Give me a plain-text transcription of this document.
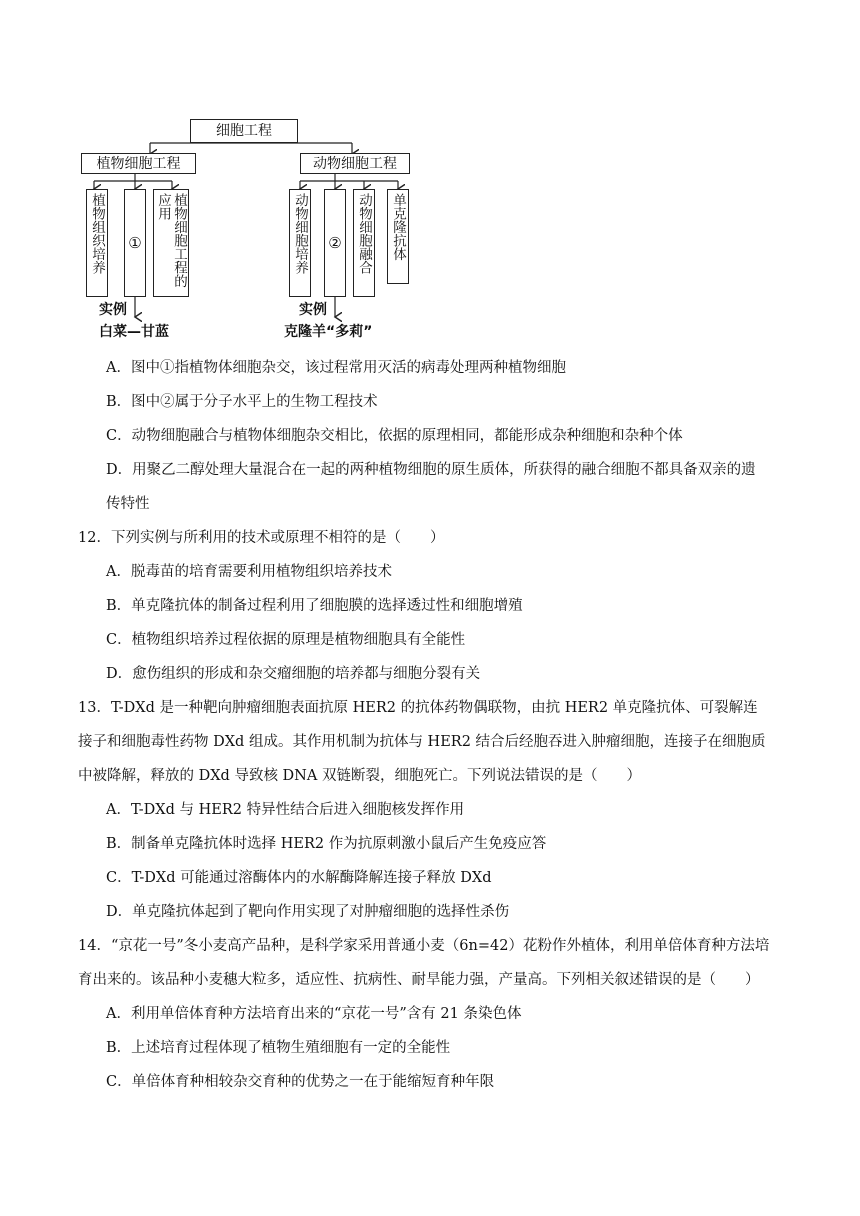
细胞工程
植物细胞工程	动物细胞工程
植物组织培养 ①	植物细胞工程的应用	动物细胞培养 ②	动物细胞融合 单克隆抗体
实例
白菜—甘蓝
实例
克隆羊“多莉”
A．图中①指植物体细胞杂交，该过程常用灭活的病毒处理两种植物细胞
B．图中②属于分子水平上的生物工程技术
C．动物细胞融合与植物体细胞杂交相比，依据的原理相同，都能形成杂种细胞和杂种个体
D．用聚乙二醇处理大量混合在一起的两种植物细胞的原生质体，所获得的融合细胞不都具备双亲的遗
传特性
12．下列实例与所利用的技术或原理不相符的是（　　）
A．脱毒苗的培育需要利用植物组织培养技术
B．单克隆抗体的制备过程利用了细胞膜的选择透过性和细胞增殖
C．植物组织培养过程依据的原理是植物细胞具有全能性
D．愈伤组织的形成和杂交瘤细胞的培养都与细胞分裂有关
13．T-DXd 是一种靶向肿瘤细胞表面抗原 HER2 的抗体药物偶联物，由抗 HER2 单克隆抗体、可裂解连
接子和细胞毒性药物 DXd 组成。其作用机制为抗体与 HER2 结合后经胞吞进入肿瘤细胞，连接子在细胞质
中被降解，释放的 DXd 导致核 DNA 双链断裂，细胞死亡。下列说法错误的是（　　）
A．T-DXd 与 HER2 特异性结合后进入细胞核发挥作用
B．制备单克隆抗体时选择 HER2 作为抗原刺激小鼠后产生免疫应答
C．T-DXd 可能通过溶酶体内的水解酶降解连接子释放 DXd
D．单克隆抗体起到了靶向作用实现了对肿瘤细胞的选择性杀伤
14．“京花一号”冬小麦高产品种，是科学家采用普通小麦（6n=42）花粉作外植体，利用单倍体育种方法培
育出来的。该品种小麦穗大粒多，适应性、抗病性、耐旱能力强，产量高。下列相关叙述错误的是（　　）
A．利用单倍体育种方法培育出来的“京花一号”含有 21 条染色体
B．上述培育过程体现了植物生殖细胞有一定的全能性
C．单倍体育种相较杂交育种的优势之一在于能缩短育种年限
